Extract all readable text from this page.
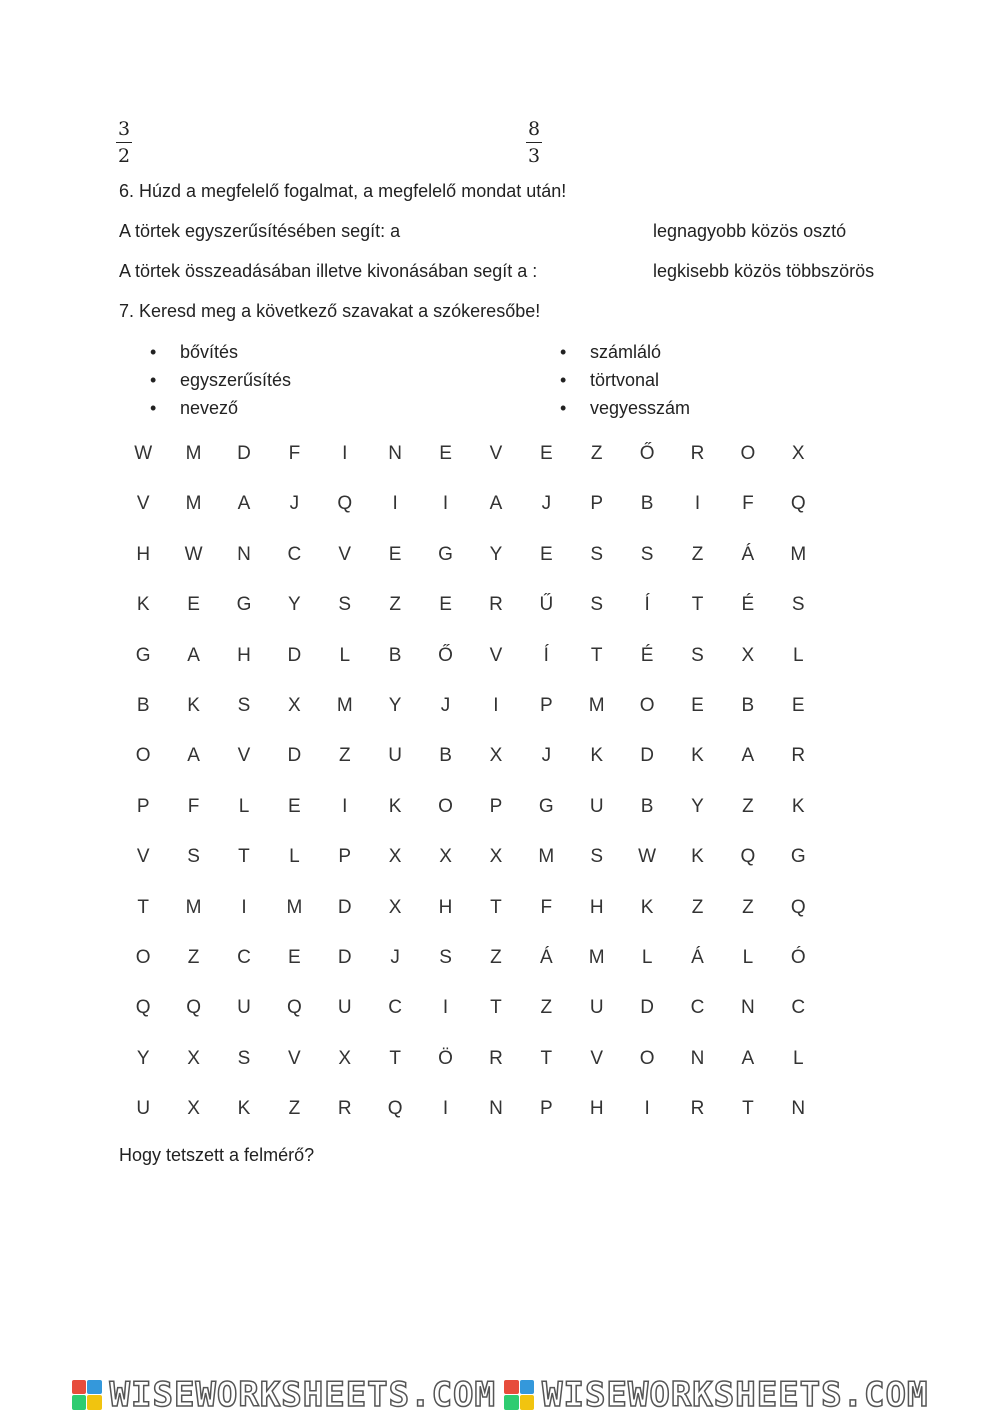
3
2
8
3
6. Húzd a megfelelő fogalmat, a megfelelő mondat után!
A törtek egyszerűsítésében segít: a	legnagyobb közös osztó
A törtek összeadásában illetve kivonásában segít a :	legkisebb közös többszörös
7. Keresd meg a következő szavakat a szókeresőbe!
• bővítés
• egyszerűsítés
• nevező
• számláló
• törtvonal
• vegyesszám
W	M	D	F	I	N	E	V	E	Z	Ő	R	O	X
V	M	A	J	Q	I	I	A	J	P	B	I	F	Q
H	W	N	C	V	E	G	Y	E	S	S	Z	Á	M
K	E	G	Y	S	Z	E	R	Ű	S	Í	T	É	S
G	A	H	D	L	B	Ő	V	Í	T	É	S	X	L
B	K	S	X	M	Y	J	I	P	M	O	E	B	E
O	A	V	D	Z	U	B	X	J	K	D	K	A	R
P	F	L	E	I	K	O	P	G	U	B	Y	Z	K
V	S	T	L	P	X	X	X	M	S	W	K	Q	G
T	M	I	M	D	X	H	T	F	H	K	Z	Z	Q
O	Z	C	E	D	J	S	Z	Á	M	L	Á	L	Ó
Q	Q	U	Q	U	C	I	T	Z	U	D	C	N	C
Y	X	S	V	X	T	Ö	R	T	V	O	N	A	L
U	X	K	Z	R	Q	I	N	P	H	I	R	T	N
Hogy tetszett a felmérő?
WISEWORKSHEETS.COM WISEWORKSHEETS.COM
